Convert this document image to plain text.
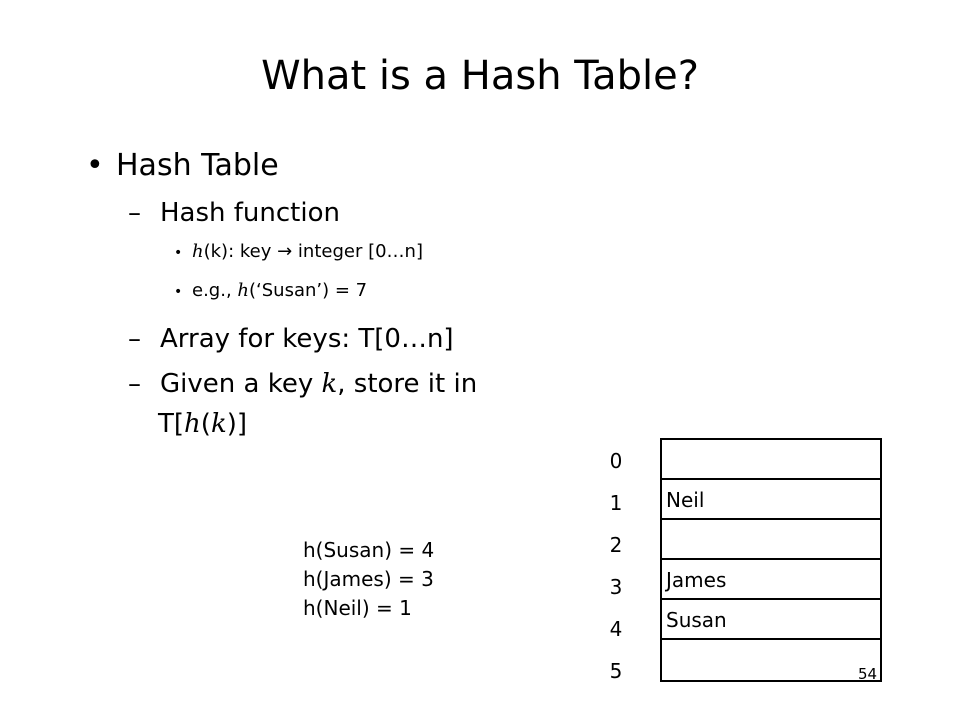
What is a Hash Table?
• Hash Table
– Hash function
• h(k): key → integer [0…n]
• e.g., h(‘Susan’) = 7
– Array for keys: T[0…n]
– Given a key k, store it in
T[h(k)]
h(Susan) = 4
h(James) = 3
h(Neil) = 1
0
1
2
3
4
5
Neil
James
Susan
54
